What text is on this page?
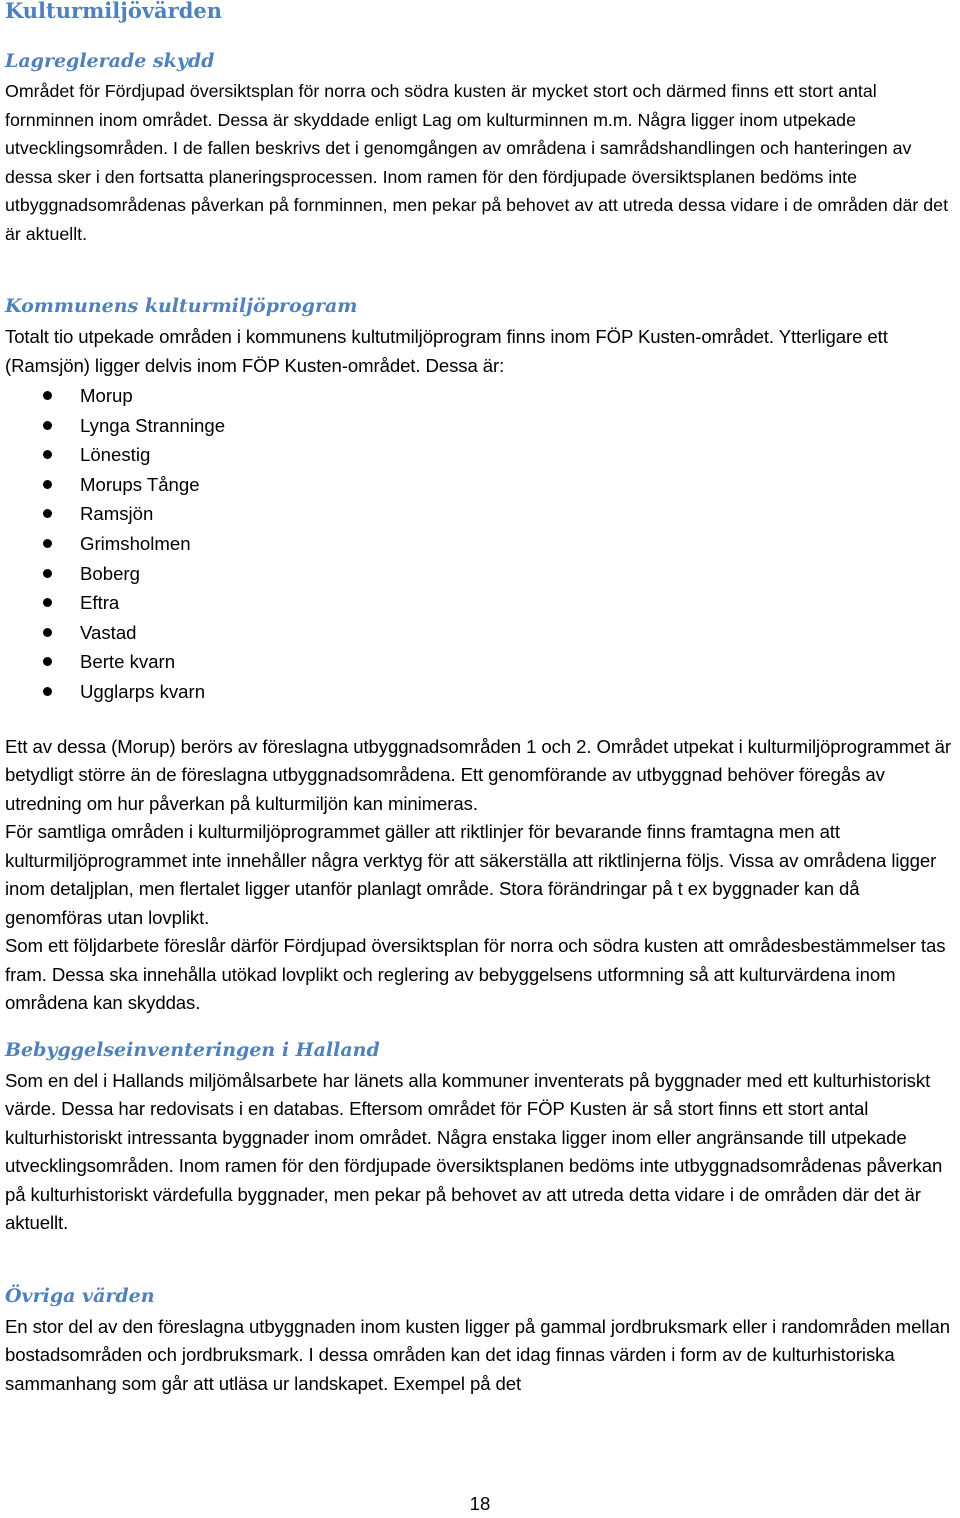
Kulturmiljövärden
Lagreglerade skydd

Området för Fördjupad översiktsplan för norra och södra kusten är mycket stort och därmed finns ett stort antal fornminnen inom området. Dessa är skyddade enligt Lag om kulturminnen m.m. Några ligger inom utpekade utvecklingsområden. I de fallen beskrivs det i genomgången av områdena i samrådshandlingen och hanteringen av dessa sker i den fortsatta planeringsprocessen. Inom ramen för den fördjupade översiktsplanen bedöms inte utbyggnadsområdenas påverkan på fornminnen, men pekar på behovet av att utreda dessa vidare i de områden där det är aktuellt.

Kommunens kulturmiljöprogram

Totalt tio utpekade områden i kommunens kultutmiljöprogram finns inom FÖP Kusten-området. Ytterligare ett (Ramsjön) ligger delvis inom FÖP Kusten-området. Dessa är:

Morup
Lynga Stranninge
Lönestig
Morups Tånge
Ramsjön
Grimsholmen
Boberg
Eftra
Vastad
Berte kvarn
Ugglarps kvarn

Ett av dessa (Morup) berörs av föreslagna utbyggnadsområden 1 och 2. Området utpekat i kulturmiljöprogrammet är betydligt större än de föreslagna utbyggnadsområdena. Ett genomförande av utbyggnad behöver föregås av utredning om hur påverkan på kulturmiljön kan minimeras.

För samtliga områden i kulturmiljöprogrammet gäller att riktlinjer för bevarande finns framtagna men att kulturmiljöprogrammet inte innehåller några verktyg för att säkerställa att riktlinjerna följs. Vissa av områdena ligger inom detaljplan, men flertalet ligger utanför planlagt område. Stora förändringar på t ex byggnader kan då genomföras utan lovplikt.

Som ett följdarbete föreslår därför Fördjupad översiktsplan för norra och södra kusten att områdesbestämmelser tas fram. Dessa ska innehålla utökad lovplikt och reglering av bebyggelsens utformning så att kulturvärdena inom områdena kan skyddas.

Bebyggelseinventeringen i Halland

Som en del i Hallands miljömålsarbete har länets alla kommuner inventerats på byggnader med ett kulturhistoriskt värde. Dessa har redovisats i en databas. Eftersom området för FÖP Kusten är så stort finns ett stort antal kulturhistoriskt intressanta byggnader inom området. Några enstaka ligger inom eller angränsande till utpekade utvecklingsområden. Inom ramen för den fördjupade översiktsplanen bedöms inte utbyggnadsområdenas påverkan på kulturhistoriskt värdefulla byggnader, men pekar på behovet av att utreda detta vidare i de områden där det är aktuellt.

Övriga värden

En stor del av den föreslagna utbyggnaden inom kusten ligger på gammal jordbruksmark eller i randområden mellan bostadsområden och jordbruksmark. I dessa områden kan det idag finnas värden i form av de kulturhistoriska sammanhang som går att utläsa ur landskapet. Exempel på det

18
